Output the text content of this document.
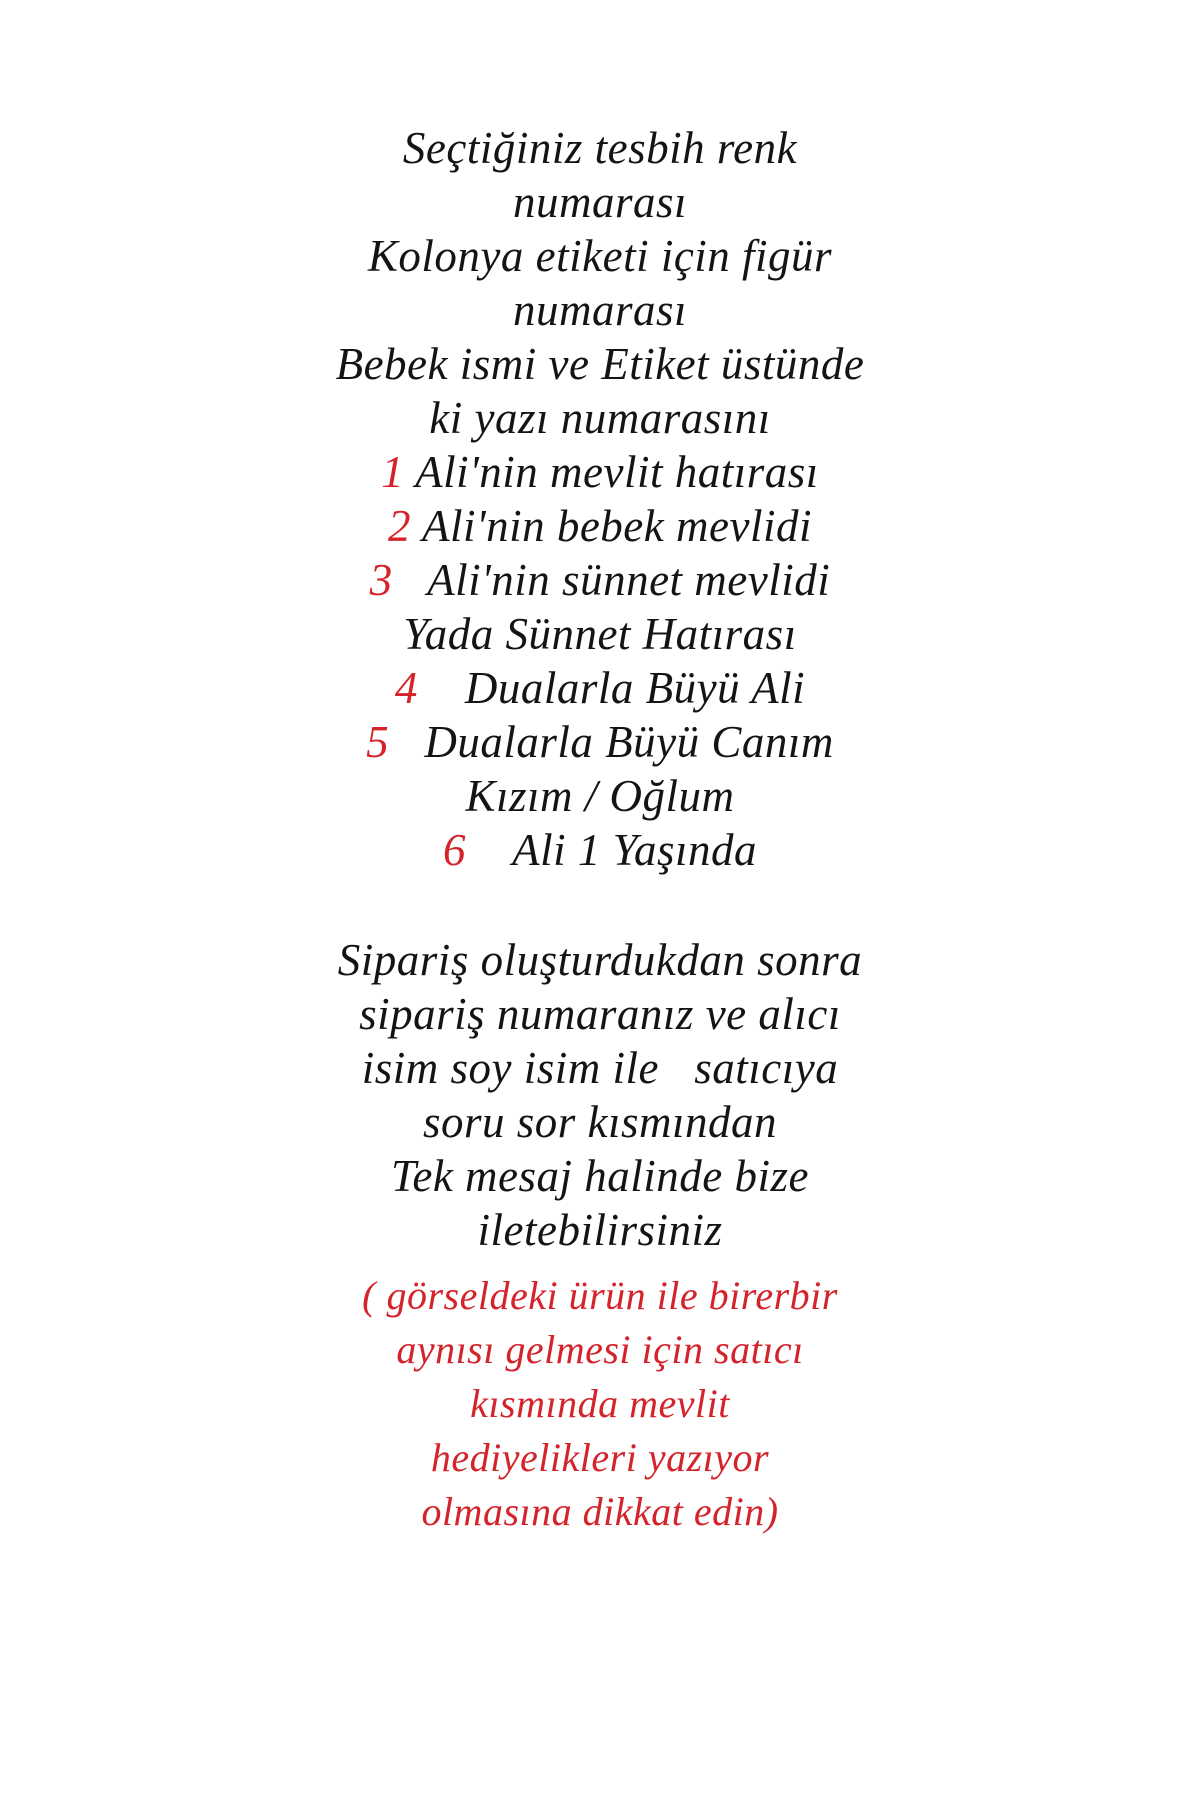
Seçtiğiniz tesbih renk
numarası
Kolonya etiketi için figür
numarası
Bebek ismi ve Etiket üstünde
ki yazı numarasını
1 Ali'nin mevlit hatırası
2 Ali'nin bebek mevlidi
3   Ali'nin sünnet mevlidi
Yada Sünnet Hatırası
4    Dualarla Büyü Ali
5   Dualarla Büyü Canım
Kızım / Oğlum
6    Ali 1 Yaşında
Sipariş oluşturdukdan sonra
sipariş numaranız ve alıcı
isim soy isim ile   satıcıya
soru sor kısmından
Tek mesaj halinde bize
iletebilirsiniz
( görseldeki ürün ile birerbir
aynısı gelmesi için satıcı
kısmında mevlit
hediyelikleri yazıyor
olmasına dikkat edin)
